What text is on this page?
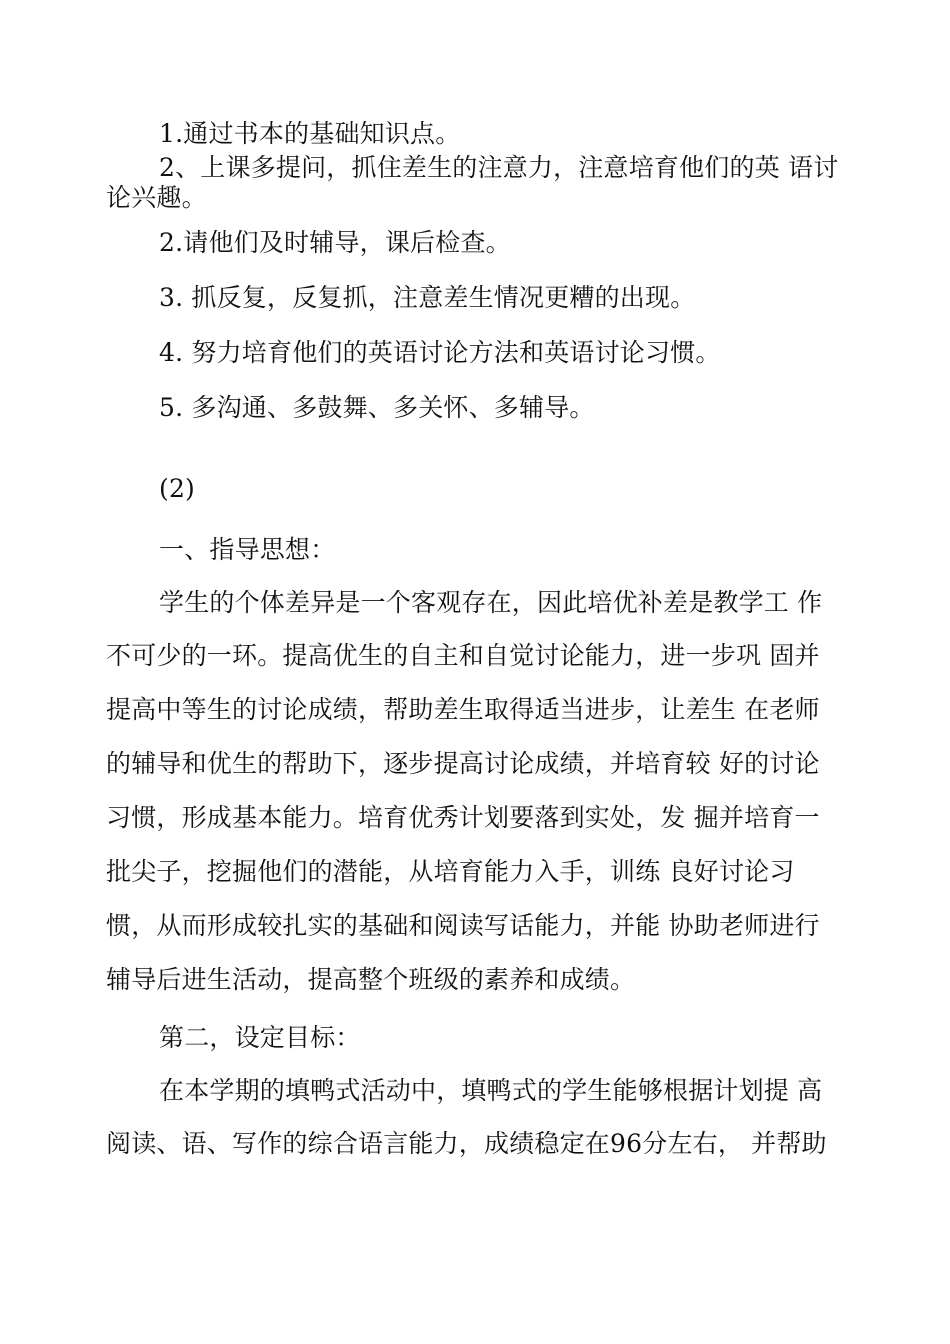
1.通过书本的基础知识点。
2、上课多提问，抓住差生的注意力，注意培育他们的英 语讨
论兴趣。
2.请他们及时辅导，课后检查。
3. 抓反复，反复抓，注意差生情况更糟的出现。
4. 努力培育他们的英语讨论方法和英语讨论习惯。
5. 多沟通、多鼓舞、多关怀、多辅导。
(2)
一、指导思想：
学生的个体差异是一个客观存在，因此培优补差是教学工 作
不可少的一环。提高优生的自主和自觉讨论能力，进一步巩 固并
提高中等生的讨论成绩，帮助差生取得适当进步，让差生 在老师
的辅导和优生的帮助下，逐步提高讨论成绩，并培育较 好的讨论
习惯，形成基本能力。培育优秀计划要落到实处，发 掘并培育一
批尖子，挖掘他们的潜能，从培育能力入手，训练 良好讨论习
惯，从而形成较扎实的基础和阅读写话能力，并能 协助老师进行
辅导后进生活动，提高整个班级的素养和成绩。
第二，设定目标：
在本学期的填鸭式活动中，填鸭式的学生能够根据计划提 高
阅读、语、写作的综合语言能力，成绩稳定在96分左右， 并帮助
